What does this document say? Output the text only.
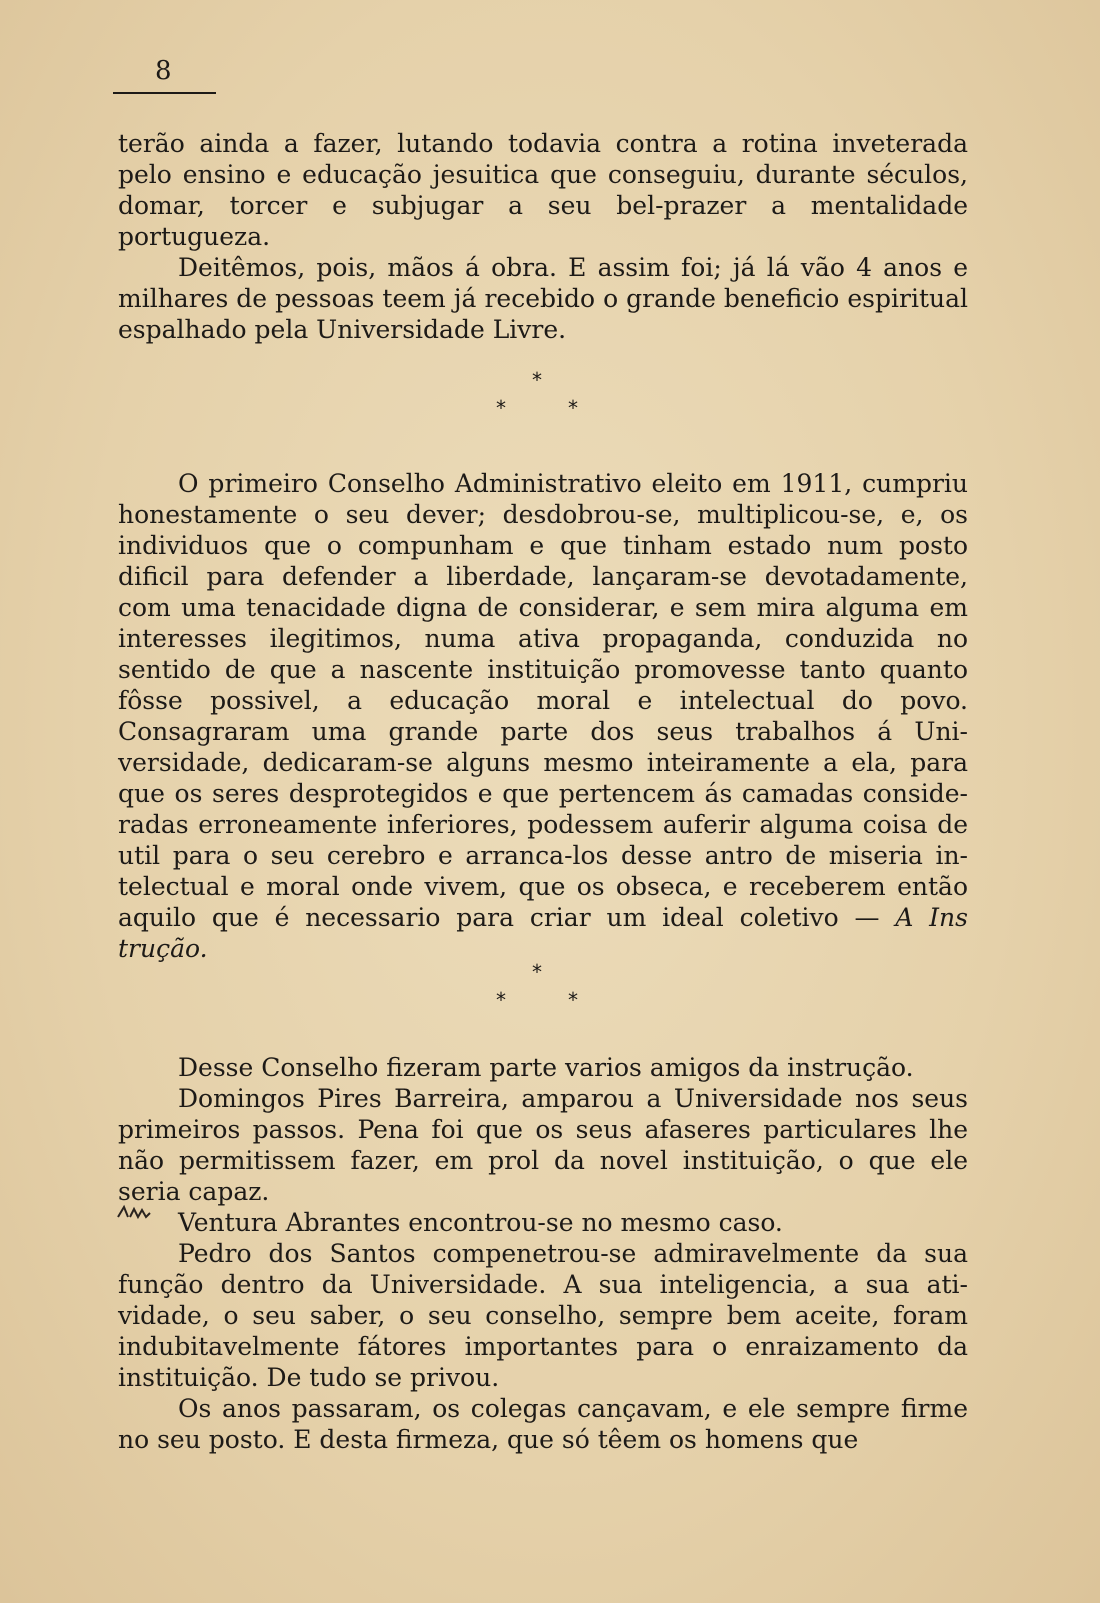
8

terão ainda a fazer, lutando todavia contra a rotina inveterada pelo ensino e educação jesuitica que conseguiu, durante séculos, domar, torcer e subjugar a seu bel-prazer a mentalidade portugueza.

Deitêmos, pois, mãos á obra. E assim foi; já lá vão 4 anos e milhares de pessoas teem já recebido o grande beneficio espiritual espalhado pela Universidade Livre.

*
*	*

O primeiro Conselho Administrativo eleito em 1911, cumpriu honestamente o seu dever; desdobrou-se, multiplicou-se, e, os individuos que o compunham e que tinham estado num posto dificil para defender a liberdade, lançaram-se devotadamente, com uma tenacidade digna de considerar, e sem mira alguma em interesses ilegitimos, numa ativa propaganda, conduzida no sentido de que a nascente instituição promovesse tanto quanto fôsse possivel, a educação moral e intelectual do povo. Consagraram uma grande parte dos seus trabalhos á Universidade, dedicaram-se alguns mesmo inteiramente a ela, para que os seres desprotegidos e que pertencem ás camadas consideradas erroneamente inferiores, podessem auferir alguma coisa de util para o seu cerebro e arranca-los desse antro de miseria intelectual e moral onde vivem, que os obseca, e receberem então aquilo que é necessario para criar um ideal coletivo — A Ins trução.

*
*	*

Desse Conselho fizeram parte varios amigos da instrução.

Domingos Pires Barreira, amparou a Universidade nos seus primeiros passos. Pena foi que os seus afaseres particulares lhe não permitissem fazer, em prol da novel instituição, o que ele seria capaz.

Ventura Abrantes encontrou-se no mesmo caso.

Pedro dos Santos compenetrou-se admiravelmente da sua função dentro da Universidade. A sua inteligencia, a sua atividade, o seu saber, o seu conselho, sempre bem aceite, foram indubitavelmente fátores importantes para o enraizamento da instituição. De tudo se privou.

Os anos passaram, os colegas cançavam, e ele sempre firme no seu posto. E desta firmeza, que só têem os homens que
